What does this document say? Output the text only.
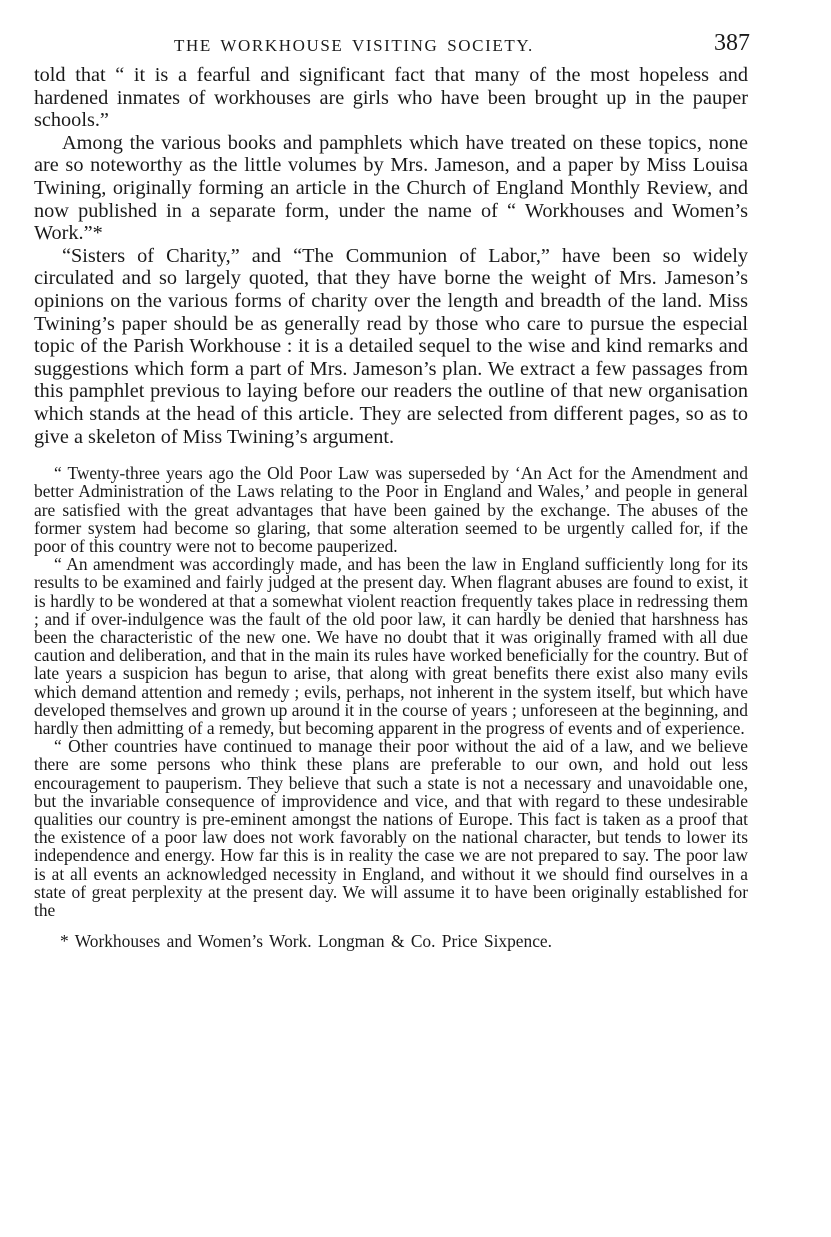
THE WORKHOUSE VISITING SOCIETY.	387

told that “ it is a fearful and significant fact that many of the most hopeless and hardened inmates of workhouses are girls who have been brought up in the pauper schools.”

Among the various books and pamphlets which have treated on these topics, none are so noteworthy as the little volumes by Mrs. Jameson, and a paper by Miss Louisa Twining, originally forming an article in the Church of England Monthly Review, and now published in a separate form, under the name of “ Workhouses and Women’s Work.”*

“Sisters of Charity,” and “The Communion of Labor,” have been so widely circulated and so largely quoted, that they have borne the weight of Mrs. Jameson’s opinions on the various forms of charity over the length and breadth of the land. Miss Twining’s paper should be as generally read by those who care to pursue the especial topic of the Parish Workhouse : it is a detailed sequel to the wise and kind remarks and suggestions which form a part of Mrs. Jameson’s plan. We extract a few passages from this pamphlet previous to laying before our readers the outline of that new organisation which stands at the head of this article. They are selected from different pages, so as to give a skeleton of Miss Twining’s argument.

“ Twenty-three years ago the Old Poor Law was superseded by ‘An Act for the Amendment and better Administration of the Laws relating to the Poor in England and Wales,’ and people in general are satisfied with the great advantages that have been gained by the exchange. The abuses of the former system had become so glaring, that some alteration seemed to be urgently called for, if the poor of this country were not to become pauperized.

“ An amendment was accordingly made, and has been the law in England sufficiently long for its results to be examined and fairly judged at the present day. When flagrant abuses are found to exist, it is hardly to be wondered at that a somewhat violent reaction frequently takes place in redressing them ; and if over-indulgence was the fault of the old poor law, it can hardly be denied that harshness has been the characteristic of the new one. We have no doubt that it was originally framed with all due caution and deliberation, and that in the main its rules have worked beneficially for the country. But of late years a suspicion has begun to arise, that along with great benefits there exist also many evils which demand attention and remedy ; evils, perhaps, not inherent in the system itself, but which have developed themselves and grown up around it in the course of years ; unforeseen at the beginning, and hardly then admitting of a remedy, but becoming apparent in the progress of events and of experience.

“ Other countries have continued to manage their poor without the aid of a law, and we believe there are some persons who think these plans are preferable to our own, and hold out less encouragement to pauperism. They believe that such a state is not a necessary and unavoidable one, but the invariable consequence of improvidence and vice, and that with regard to these undesirable qualities our country is pre-eminent amongst the nations of Europe. This fact is taken as a proof that the existence of a poor law does not work favorably on the national character, but tends to lower its independence and energy. How far this is in reality the case we are not prepared to say. The poor law is at all events an acknowledged necessity in England, and without it we should find ourselves in a state of great perplexity at the present day. We will assume it to have been originally established for the

* Workhouses and Women’s Work. Longman & Co. Price Sixpence.
